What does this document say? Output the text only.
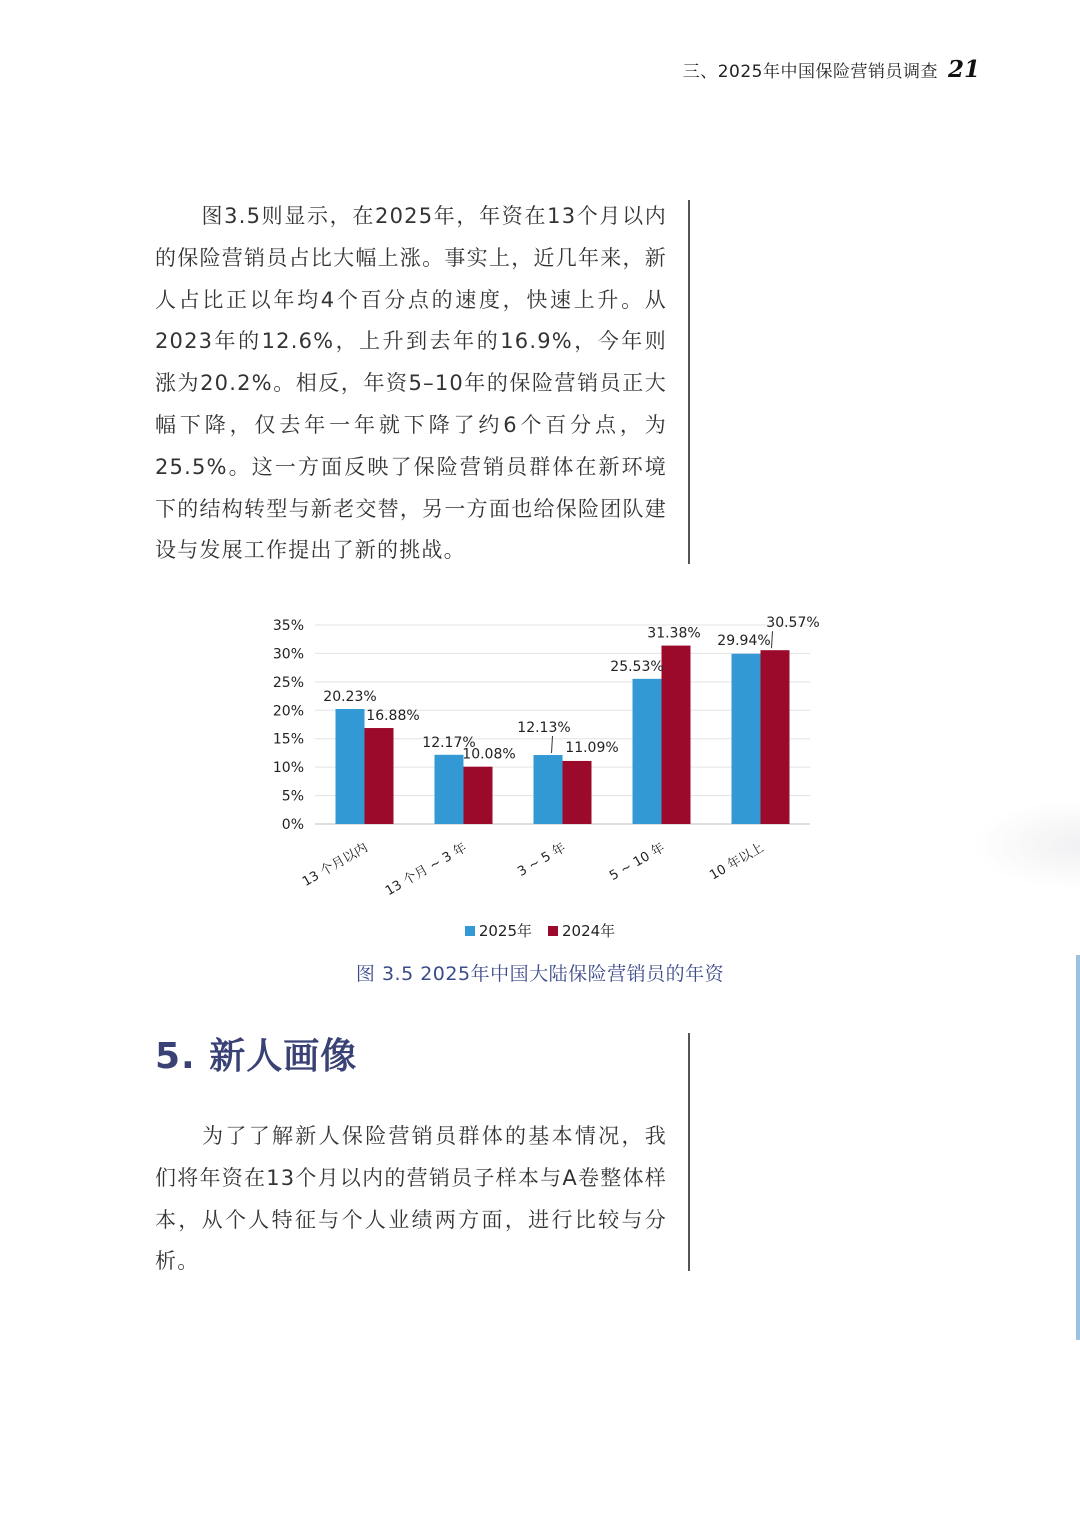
三、2025年中国保险营销员调查 21

图3.5则显示，在2025年，年资在13个月以内的保险营销员占比大幅上涨。事实上，近几年来，新人占比正以年均4个百分点的速度，快速上升。从2023年的12.6%，上升到去年的16.9%，今年则涨为20.2%。相反，年资5–10年的保险营销员正大幅下降，仅去年一年就下降了约6个百分点，为25.5%。这一方面反映了保险营销员群体在新环境下的结构转型与新老交替，另一方面也给保险团队建设与发展工作提出了新的挑战。

0%
5%
10%
15%
20%
25%
30%
35%
13 个月以内 13 个月 ~ 3 年	3 ~ 5 年	5 ~ 10 年	10 年以上
20.23%
16.88%
12.17%
10.08%
12.13%
11.09%
25.53%
31.38% 29.94%
30.57%
2025年 2024年
图 3.5 2025年中国大陆保险营销员的年资
5. 新人画像

为了了解新人保险营销员群体的基本情况，我们将年资在13个月以内的营销员子样本与A卷整体样本，从个人特征与个人业绩两方面，进行比较与分析。
